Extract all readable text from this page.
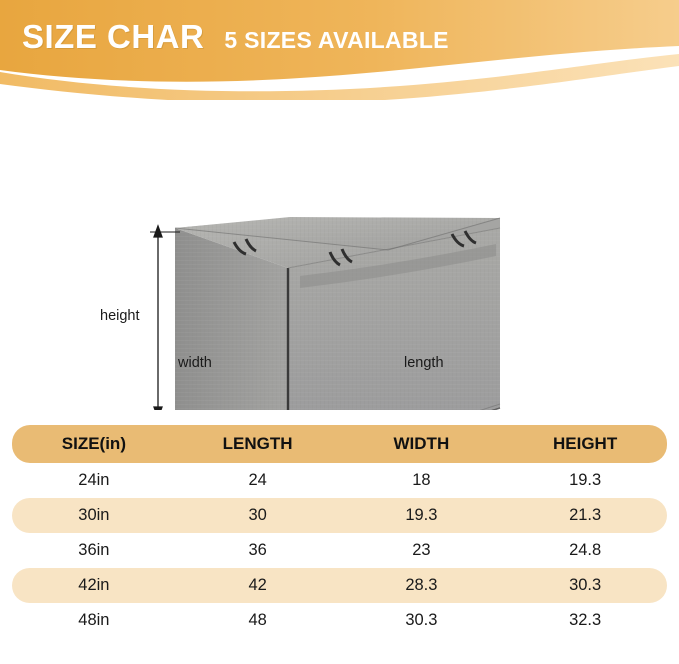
SIZE CHAR 5 SIZES AVAILABLE
height
width	length
SIZE(in)	LENGTH	WIDTH	HEIGHT
24in	24	18	19.3
30in	30	19.3	21.3
36in	36	23	24.8
42in	42	28.3	30.3
48in	48	30.3	32.3
